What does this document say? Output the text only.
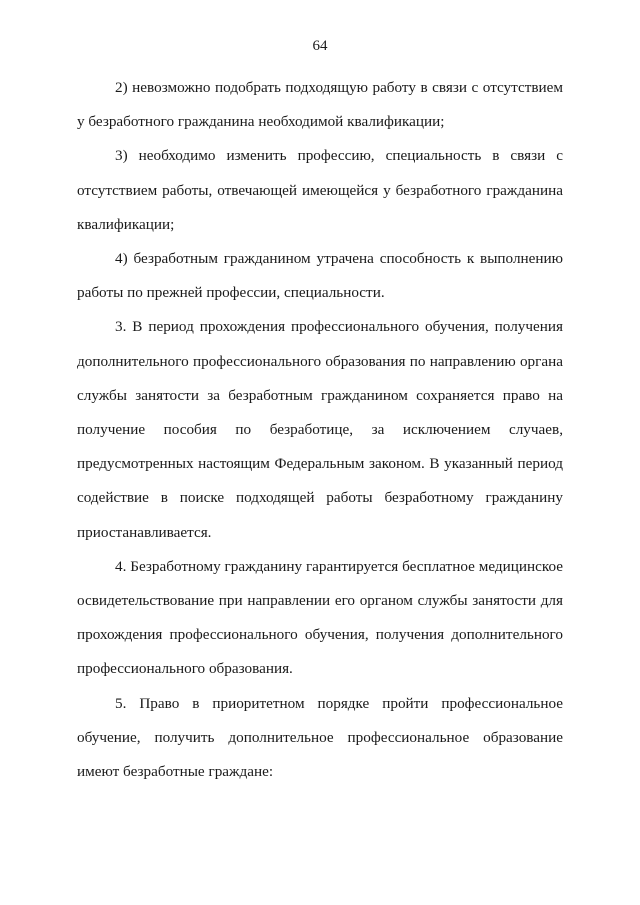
64

2) невозможно подобрать подходящую работу в связи с отсутствием у безработного гражданина необходимой квалификации;

3) необходимо изменить профессию, специальность в связи с отсутствием работы, отвечающей имеющейся у безработного гражданина квалификации;

4) безработным гражданином утрачена способность к выполнению работы по прежней профессии, специальности.

3. В период прохождения профессионального обучения, получения дополнительного профессионального образования по направлению органа службы занятости за безработным гражданином сохраняется право на получение пособия по безработице, за исключением случаев, предусмотренных настоящим Федеральным законом. В указанный период содействие в поиске подходящей работы безработному гражданину приостанавливается.

4. Безработному гражданину гарантируется бесплатное медицинское освидетельствование при направлении его органом службы занятости для прохождения профессионального обучения, получения дополнительного профессионального образования.

5. Право в приоритетном порядке пройти профессиональное обучение, получить дополнительное профессиональное образование имеют безработные граждане:
